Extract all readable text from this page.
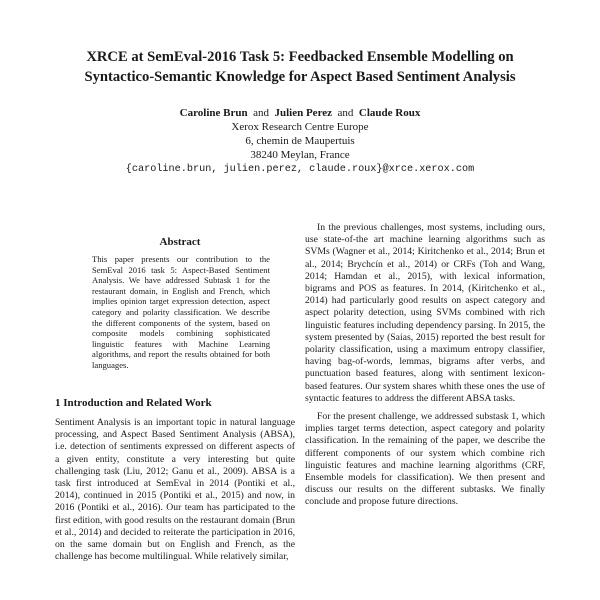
XRCE at SemEval-2016 Task 5: Feedbacked Ensemble Modelling on
Syntactico-Semantic Knowledge for Aspect Based Sentiment Analysis
Caroline Brun and Julien Perez and Claude Roux
Xerox Research Centre Europe
6, chemin de Maupertuis
38240 Meylan, France
{caroline.brun, julien.perez, claude.roux}@xrce.xerox.com
Abstract
This paper presents our contribution to the SemEval 2016 task 5: Aspect-Based Sentiment Analysis. We have addressed Subtask 1 for the restaurant domain, in English and French, which implies opinion target expression detection, aspect category and polarity classification. We describe the different components of the system, based on composite models combining sophisticated linguistic features with Machine Learning algorithms, and report the results obtained for both languages.
1 Introduction and Related Work

Sentiment Analysis is an important topic in natural language processing, and Aspect Based Sentiment Analysis (ABSA), i.e. detection of sentiments expressed on different aspects of a given entity, constitute a very interesting but quite challenging task (Liu, 2012; Ganu et al., 2009). ABSA is a task first introduced at SemEval in 2014 (Pontiki et al., 2014), continued in 2015 (Pontiki et al., 2015) and now, in 2016 (Pontiki et al., 2016). Our team has participated to the first edition, with good results on the restaurant domain (Brun et al., 2014) and decided to reiterate the participation in 2016, on the same domain but on English and French, as the challenge has become multilingual. While relatively similar,

In the previous challenges, most systems, including ours, use state-of-the art machine learning algorithms such as SVMs (Wagner et al., 2014; Kiritchenko et al., 2014; Brun et al., 2014; Brychcín et al., 2014) or CRFs (Toh and Wang, 2014; Hamdan et al., 2015), with lexical information, bigrams and POS as features. In 2014, (Kiritchenko et al., 2014) had particularly good results on aspect category and aspect polarity detection, using SVMs combined with rich linguistic features including dependency parsing. In 2015, the system presented by (Saias, 2015) reported the best result for polarity classification, using a maximum entropy classifier, having bag-of-words, lemmas, bigrams after verbs, and punctuation based features, along with sentiment lexicon-based features. Our system shares whith these ones the use of syntactic features to address the different ABSA tasks.

For the present challenge, we addressed substask 1, which implies target terms detection, aspect category and polarity classification. In the remaining of the paper, we describe the different components of our system which combine rich linguistic features and machine learning algorithms (CRF, Ensemble models for classification). We then present and discuss our results on the different subtasks. We finally conclude and propose future directions.
